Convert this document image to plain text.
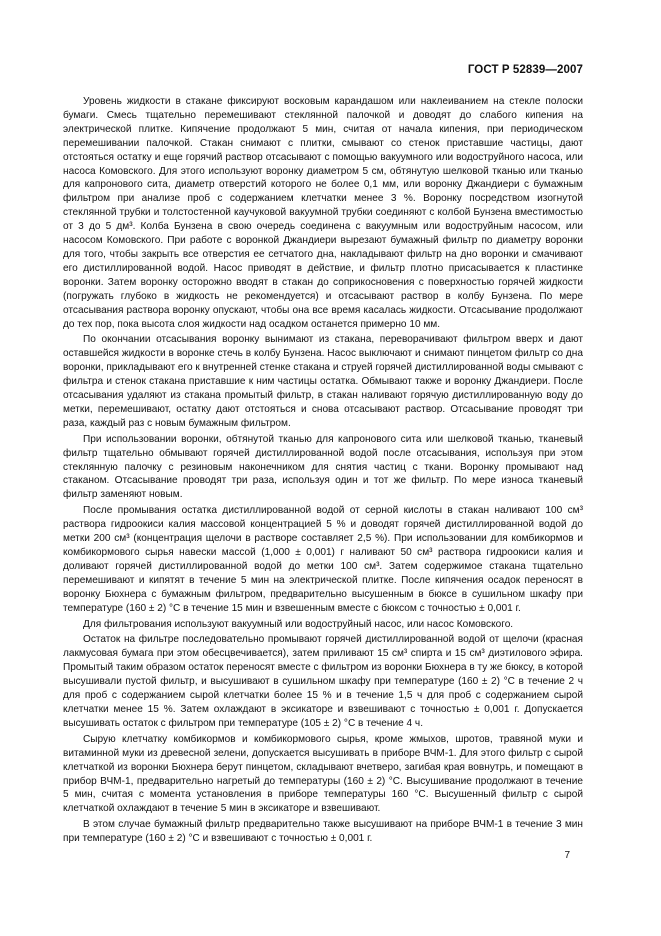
ГОСТ Р 52839—2007

Уровень жидкости в стакане фиксируют восковым карандашом или наклеиванием на стекле полоски бумаги. Смесь тщательно перемешивают стеклянной палочкой и доводят до слабого кипения на электрической плитке. Кипячение продолжают 5 мин, считая от начала кипения, при периодическом перемешивании палочкой. Стакан снимают с плитки, смывают со стенок приставшие частицы, дают отстояться остатку и еще горячий раствор отсасывают с помощью вакуумного или водоструйного насоса, или насоса Комовского. Для этого используют воронку диаметром 5 см, обтянутую шелковой тканью или тканью для капронового сита, диаметр отверстий которого не более 0,1 мм, или воронку Джандиери с бумажным фильтром при анализе проб с содержанием клетчатки менее 3 %. Воронку посредством изогнутой стеклянной трубки и толстостенной каучуковой вакуумной трубки соединяют с колбой Бунзена вместимостью от 3 до 5 дм³. Колба Бунзена в свою очередь соединена с вакуумным или водоструйным насосом, или насосом Комовского. При работе с воронкой Джандиери вырезают бумажный фильтр по диаметру воронки для того, чтобы закрыть все отверстия ее сетчатого дна, накладывают фильтр на дно воронки и смачивают его дистиллированной водой. Насос приводят в действие, и фильтр плотно присасывается к пластинке воронки. Затем воронку осторожно вводят в стакан до соприкосновения с поверхностью горячей жидкости (погружать глубоко в жидкость не рекомендуется) и отсасывают раствор в колбу Бунзена. По мере отсасывания раствора воронку опускают, чтобы она все время касалась жидкости. Отсасывание продолжают до тех пор, пока высота слоя жидкости над осадком останется примерно 10 мм.

По окончании отсасывания воронку вынимают из стакана, переворачивают фильтром вверх и дают оставшейся жидкости в воронке стечь в колбу Бунзена. Насос выключают и снимают пинцетом фильтр со дна воронки, прикладывают его к внутренней стенке стакана и струей горячей дистиллированной воды смывают с фильтра и стенок стакана приставшие к ним частицы остатка. Обмывают также и воронку Джандиери. После отсасывания удаляют из стакана промытый фильтр, в стакан наливают горячую дистиллированную воду до метки, перемешивают, остатку дают отстояться и снова отсасывают раствор. Отсасывание проводят три раза, каждый раз с новым бумажным фильтром.

При использовании воронки, обтянутой тканью для капронового сита или шелковой тканью, тканевый фильтр тщательно обмывают горячей дистиллированной водой после отсасывания, используя при этом стеклянную палочку с резиновым наконечником для снятия частиц с ткани. Воронку промывают над стаканом. Отсасывание проводят три раза, используя один и тот же фильтр. По мере износа тканевый фильтр заменяют новым.

После промывания остатка дистиллированной водой от серной кислоты в стакан наливают 100 см³ раствора гидроокиси калия массовой концентрацией 5 % и доводят горячей дистиллированной водой до метки 200 см³ (концентрация щелочи в растворе составляет 2,5 %). При использовании для комбикормов и комбикормового сырья навески массой (1,000 ± 0,001) г наливают 50 см³ раствора гидроокиси калия и доливают горячей дистиллированной водой до метки 100 см³. Затем содержимое стакана тщательно перемешивают и кипятят в течение 5 мин на электрической плитке. После кипячения осадок переносят в воронку Бюхнера с бумажным фильтром, предварительно высушенным в бюксе в сушильном шкафу при температуре (160 ± 2) °С в течение 15 мин и взвешенным вместе с бюксом с точностью ± 0,001 г.

Для фильтрования используют вакуумный или водоструйный насос, или насос Комовского.

Остаток на фильтре последовательно промывают горячей дистиллированной водой от щелочи (красная лакмусовая бумага при этом обесцвечивается), затем приливают 15 см³ спирта и 15 см³ диэтилового эфира. Промытый таким образом остаток переносят вместе с фильтром из воронки Бюхнера в ту же бюксу, в которой высушивали пустой фильтр, и высушивают в сушильном шкафу при температуре (160 ± 2) °С в течение 2 ч для проб с содержанием сырой клетчатки более 15 % и в течение 1,5 ч для проб с содержанием сырой клетчатки менее 15 %. Затем охлаждают в эксикаторе и взвешивают с точностью ± 0,001 г. Допускается высушивать остаток с фильтром при температуре (105 ± 2) °С в течение 4 ч.

Сырую клетчатку комбикормов и комбикормового сырья, кроме жмыхов, шротов, травяной муки и витаминной муки из древесной зелени, допускается высушивать в приборе ВЧМ-1. Для этого фильтр с сырой клетчаткой из воронки Бюхнера берут пинцетом, складывают вчетверо, загибая края вовнутрь, и помещают в прибор ВЧМ-1, предварительно нагретый до температуры (160 ± 2) °С. Высушивание продолжают в течение 5 мин, считая с момента установления в приборе температуры 160 °С. Высушенный фильтр с сырой клетчаткой охлаждают в течение 5 мин в эксикаторе и взвешивают.

В этом случае бумажный фильтр предварительно также высушивают на приборе ВЧМ-1 в течение 3 мин при температуре (160 ± 2) °С и взвешивают с точностью ± 0,001 г.

7
